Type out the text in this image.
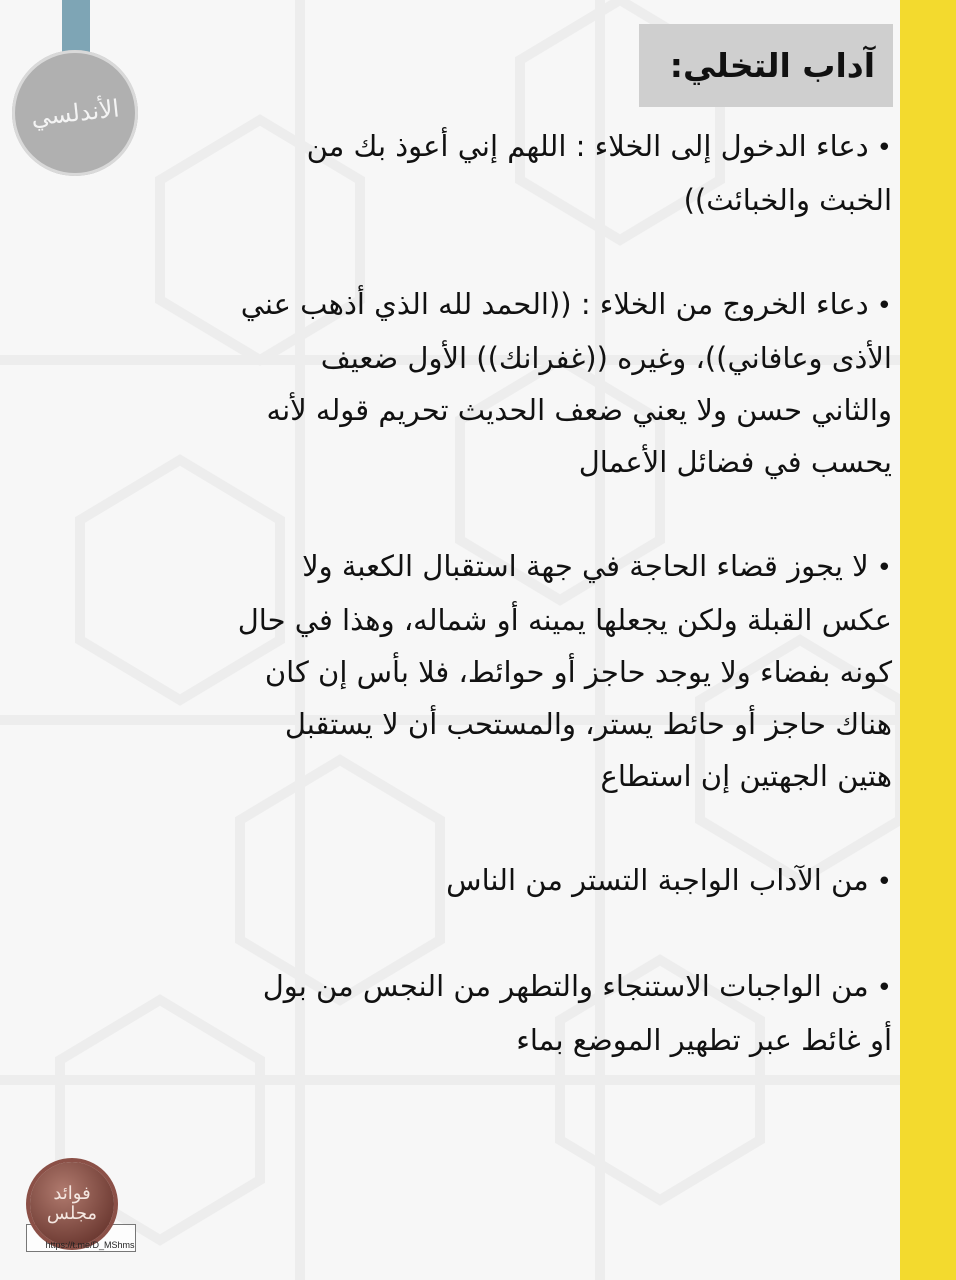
الأندلسي
آداب التخلي:

•دعاء الدخول إلى الخلاء : اللهم إني أعوذ بك من الخبث والخبائث))

•دعاء الخروج من الخلاء : ((الحمد لله الذي أذهب عني الأذى وعافاني))، وغيره ((غفرانك)) الأول ضعيف والثاني حسن ولا يعني ضعف الحديث تحريم قوله لأنه يحسب في فضائل الأعمال

•لا يجوز قضاء الحاجة في جهة استقبال الكعبة ولا عكس القبلة ولكن يجعلها يمينه أو شماله، وهذا في حال كونه بفضاء ولا يوجد حاجز أو حوائط، فلا بأس إن كان هناك حاجز أو حائط يستر، والمستحب أن لا يستقبل هتين الجهتين إن استطاع

•من الآداب الواجبة التستر من الناس

•من الواجبات الاستنجاء والتطهر من النجس من بول أو غائط عبر تطهير الموضع بماء

فوائد مجلس
https://t.me/D_MShms
